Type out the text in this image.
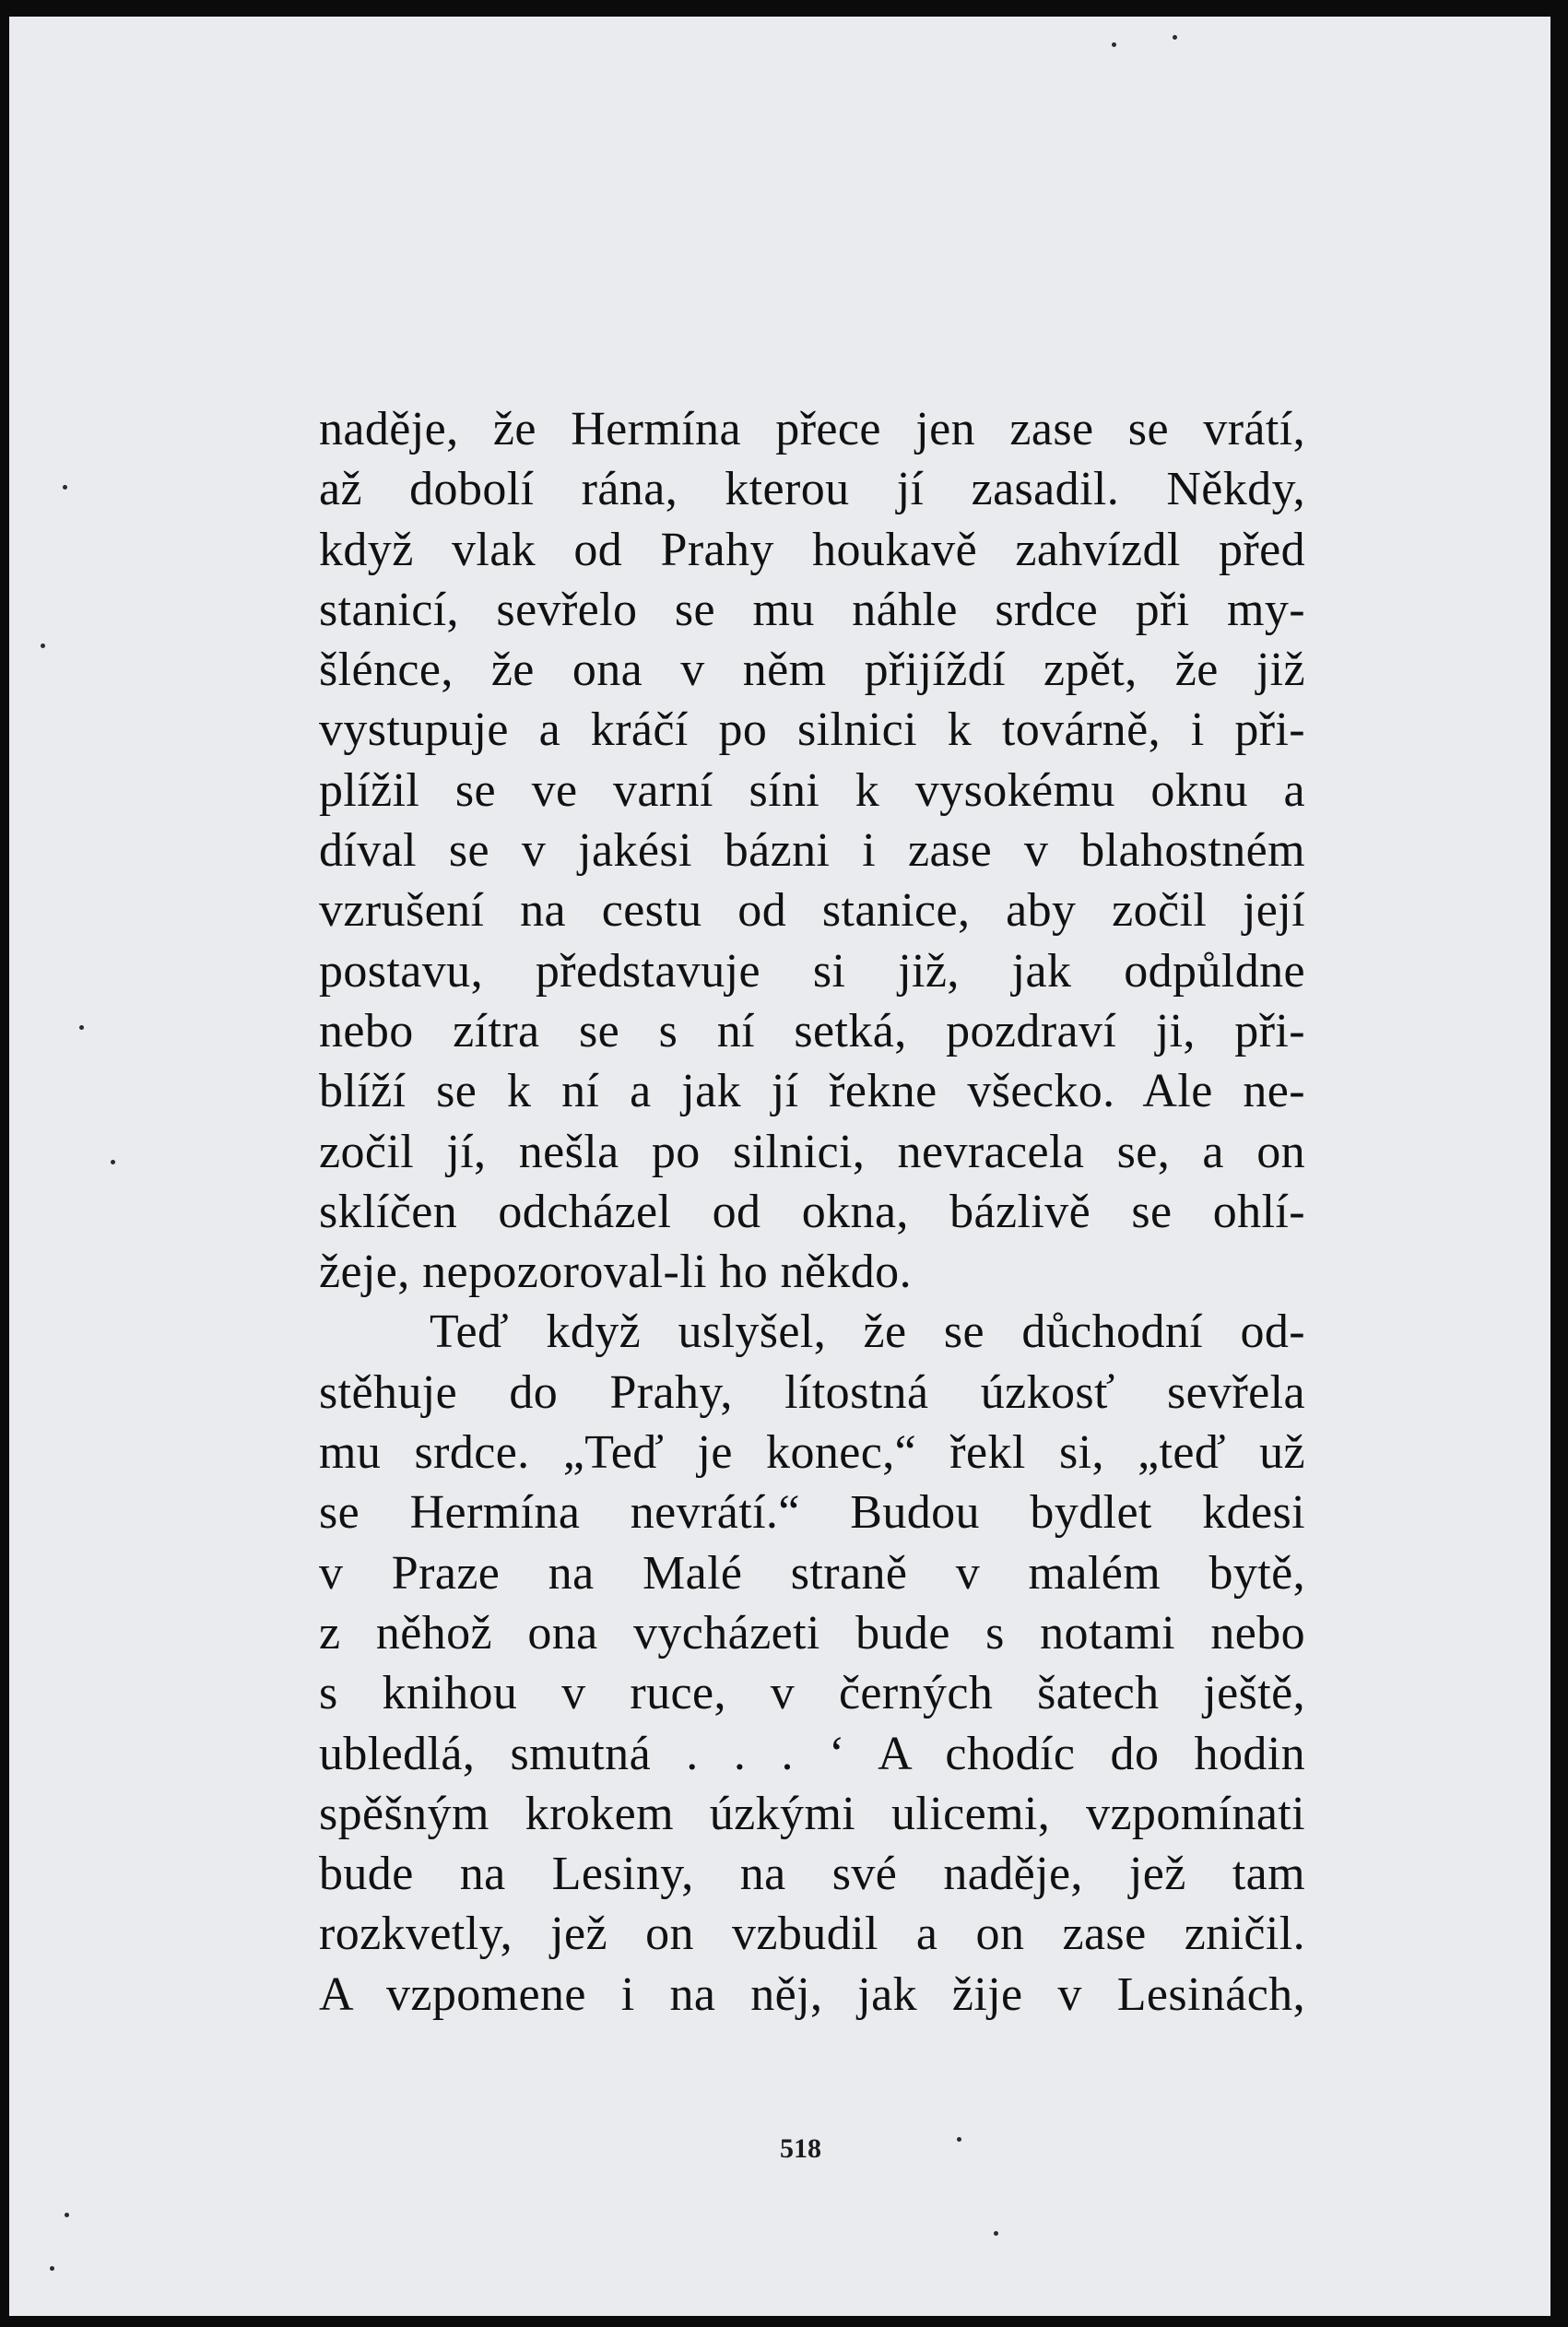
naděje, že Hermína přece jen zase se vrátí,
až dobolí rána, kterou jí zasadil. Někdy,
když vlak od Prahy houkavě zahvízdl před
stanicí, sevřelo se mu náhle srdce při my-
šlénce, že ona v něm přijíždí zpět, že již
vystupuje a kráčí po silnici k továrně, i při-
plížil se ve varní síni k vysokému oknu a
díval se v jakési bázni i zase v blahostném
vzrušení na cestu od stanice, aby zočil její
postavu, představuje si již, jak odpůldne
nebo zítra se s ní setká, pozdraví ji, při-
blíží se k ní a jak jí řekne všecko. Ale ne-
zočil jí, nešla po silnici, nevracela se, a on
sklíčen odcházel od okna, bázlivě se ohlí-
žeje, nepozoroval-li ho někdo.
Teď když uslyšel, že se důchodní od-
stěhuje do Prahy, lítostná úzkosť sevřela
mu srdce. „Teď je konec,“ řekl si, „teď už
se Hermína nevrátí.“ Budou bydlet kdesi
v Praze na Malé straně v malém bytě,
z něhož ona vycházeti bude s notami nebo
s knihou v ruce, v černých šatech ještě,
ubledlá, smutná . . . ‘ A chodíc do hodin
spěšným krokem úzkými ulicemi, vzpomínati
bude na Lesiny, na své naděje, jež tam
rozkvetly, jež on vzbudil a on zase zničil.
A vzpomene i na něj, jak žije v Lesinách,
518
